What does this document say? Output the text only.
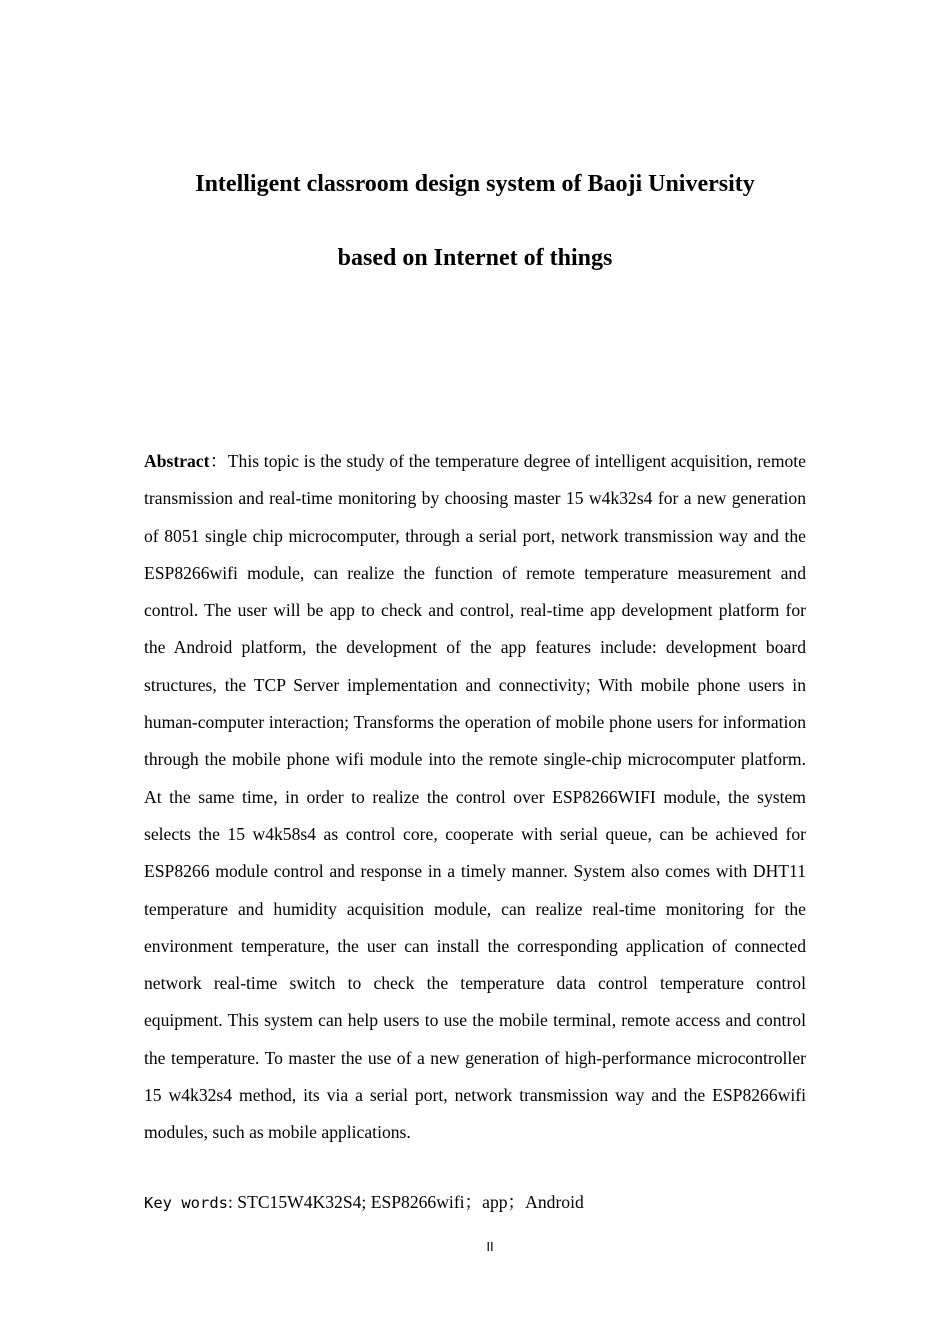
Intelligent classroom design system of Baoji University
based on Internet of things

Abstract：This topic is the study of the temperature degree of intelligent acquisition, remote transmission and real-time monitoring by choosing master 15 w4k32s4 for a new generation of 8051 single chip microcomputer, through a serial port, network transmission way and the ESP8266wifi module, can realize the function of remote temperature measurement and control. The user will be app to check and control, real-time app development platform for the Android platform, the development of the app features include: development board structures, the TCP Server implementation and connectivity; With mobile phone users in human-computer interaction; Transforms the operation of mobile phone users for information through the mobile phone wifi module into the remote single-chip microcomputer platform. At the same time, in order to realize the control over ESP8266WIFI module, the system selects the 15 w4k58s4 as control core, cooperate with serial queue, can be achieved for ESP8266 module control and response in a timely manner. System also comes with DHT11 temperature and humidity acquisition module, can realize real-time monitoring for the environment temperature, the user can install the corresponding application of connected network real-time switch to check the temperature data control temperature control equipment. This system can help users to use the mobile terminal, remote access and control the temperature. To master the use of a new generation of high-performance microcontroller 15 w4k32s4 method, its via a serial port, network transmission way and the ESP8266wifi modules, such as mobile applications.

Key words: STC15W4K32S4; ESP8266wifi；app；Android

II
